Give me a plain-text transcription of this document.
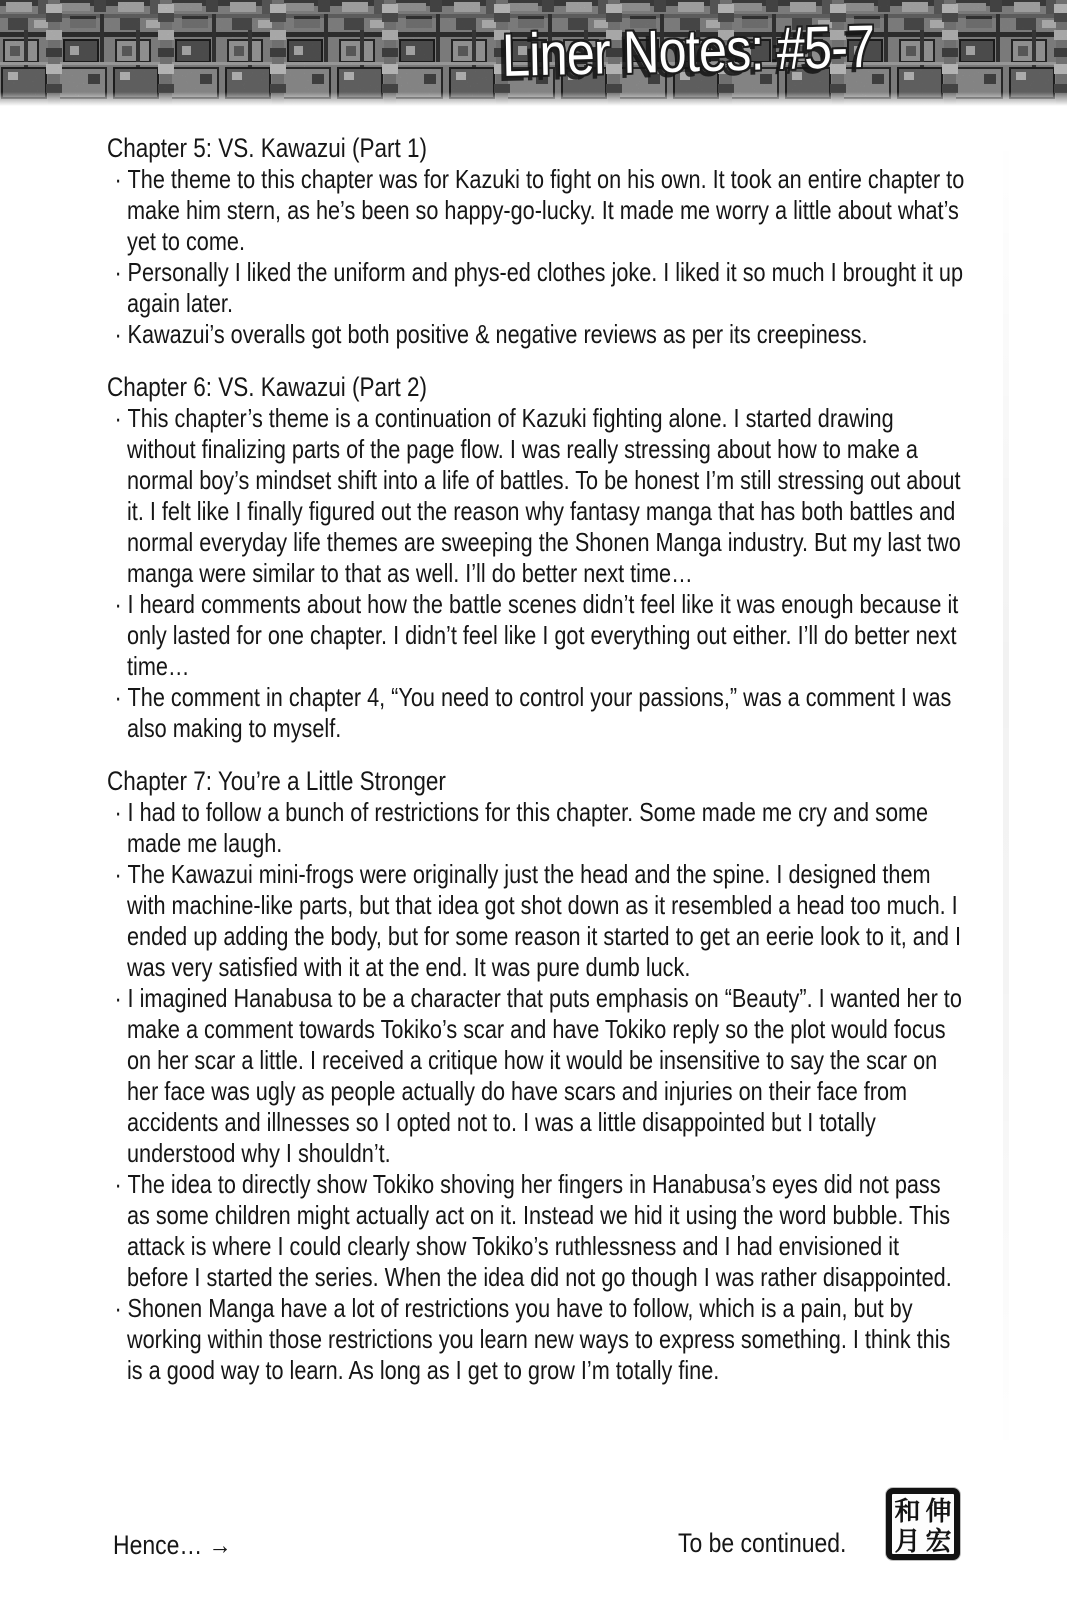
Liner Notes: #5-7
Chapter 5: VS. Kawazui (Part 1)

· The theme to this chapter was for Kazuki to fight on his own. It took an entire chapter to make him stern, as he’s been so happy-go-lucky. It made me worry a little about what’s yet to come.

· Personally I liked the uniform and phys-ed clothes joke. I liked it so much I brought it up again later.

· Kawazui’s overalls got both positive & negative reviews as per its creepiness.

Chapter 6: VS. Kawazui (Part 2)

· This chapter’s theme is a continuation of Kazuki fighting alone. I started drawing without finalizing parts of the page flow. I was really stressing about how to make a normal boy’s mindset shift into a life of battles. To be honest I’m still stressing out about it. I felt like I finally figured out the reason why fantasy manga that has both battles and normal everyday life themes are sweeping the Shonen Manga industry. But my last two manga were similar to that as well. I’ll do better next time…

· I heard comments about how the battle scenes didn’t feel like it was enough because it only lasted for one chapter. I didn’t feel like I got everything out either. I’ll do better next time…

· The comment in chapter 4, “You need to control your passions,” was a comment I was also making to myself.

Chapter 7: You’re a Little Stronger

· I had to follow a bunch of restrictions for this chapter. Some made me cry and some made me laugh.

· The Kawazui mini-frogs were originally just the head and the spine. I designed them with machine-like parts, but that idea got shot down as it resembled a head too much. I ended up adding the body, but for some reason it started to get an eerie look to it, and I was very satisfied with it at the end. It was pure dumb luck.

· I imagined Hanabusa to be a character that puts emphasis on “Beauty”. I wanted her to make a comment towards Tokiko’s scar and have Tokiko reply so the plot would focus on her scar a little. I received a critique how it would be insensitive to say the scar on her face was ugly as people actually do have scars and injuries on their face from accidents and illnesses so I opted not to. I was a little disappointed but I totally understood why I shouldn’t.

· The idea to directly show Tokiko shoving her fingers in Hanabusa’s eyes did not pass as some children might actually act on it. Instead we hid it using the word bubble. This attack is where I could clearly show Tokiko’s ruthlessness and I had envisioned it before I started the series. When the idea did not go though I was rather disappointed.

· Shonen Manga have a lot of restrictions you have to follow, which is a pain, but by working within those restrictions you learn new ways to express something. I think this is a good way to learn. As long as I get to grow I’m totally fine.

Hence… →	To be continued.
和 伸
月 宏
